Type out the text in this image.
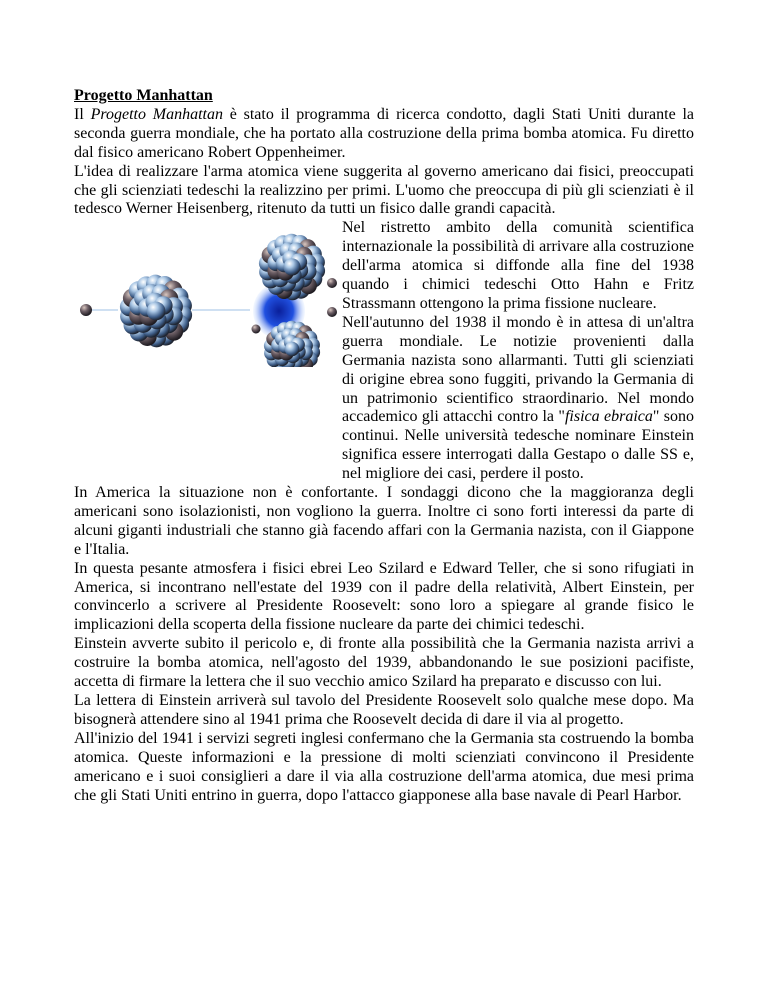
Progetto Manhattan

Il Progetto Manhattan è stato il programma di ricerca condotto, dagli Stati Uniti durante la seconda guerra mondiale, che ha portato alla costruzione della prima bomba atomica. Fu diretto dal fisico americano Robert Oppenheimer.

L'idea di realizzare l'arma atomica viene suggerita al governo americano dai fisici, preoccupati che gli scienziati tedeschi la realizzino per primi. L'uomo che preoccupa di più gli scienziati è il tedesco Werner Heisenberg, ritenuto da tutti un fisico dalle grandi capacità.

Nel ristretto ambito della comunità scientifica internazionale la possibilità di arrivare alla costruzione dell'arma atomica si diffonde alla fine del 1938 quando i chimici tedeschi Otto Hahn e Fritz Strassmann ottengono la prima fissione nucleare.

Nell'autunno del 1938 il mondo è in attesa di un'altra guerra mondiale. Le notizie provenienti dalla Germania nazista sono allarmanti. Tutti gli scienziati di origine ebrea sono fuggiti, privando la Germania di un patrimonio scientifico straordinario. Nel mondo accademico gli attacchi contro la "fisica ebraica" sono continui. Nelle università tedesche nominare Einstein significa essere interrogati dalla Gestapo o dalle SS e, nel migliore dei casi, perdere il posto.

In America la situazione non è confortante. I sondaggi dicono che la maggioranza degli americani sono isolazionisti, non vogliono la guerra. Inoltre ci sono forti interessi da parte di alcuni giganti industriali che stanno già facendo affari con la Germania nazista, con il Giappone e l'Italia.

In questa pesante atmosfera i fisici ebrei Leo Szilard e Edward Teller, che si sono rifugiati in America, si incontrano nell'estate del 1939 con il padre della relatività, Albert Einstein, per convincerlo a scrivere al Presidente Roosevelt: sono loro a spiegare al grande fisico le implicazioni della scoperta della fissione nucleare da parte dei chimici tedeschi.

Einstein avverte subito il pericolo e, di fronte alla possibilità che la Germania nazista arrivi a costruire la bomba atomica, nell'agosto del 1939, abbandonando le sue posizioni pacifiste, accetta di firmare la lettera che il suo vecchio amico Szilard ha preparato e discusso con lui.

La lettera di Einstein arriverà sul tavolo del Presidente Roosevelt solo qualche mese dopo. Ma bisognerà attendere sino al 1941 prima che Roosevelt decida di dare il via al progetto.

All'inizio del 1941 i servizi segreti inglesi confermano che la Germania sta costruendo la bomba atomica. Queste informazioni e la pressione di molti scienziati convincono il Presidente americano e i suoi consiglieri a dare il via alla costruzione dell'arma atomica, due mesi prima che gli Stati Uniti entrino in guerra, dopo l'attacco giapponese alla base navale di Pearl Harbor.
